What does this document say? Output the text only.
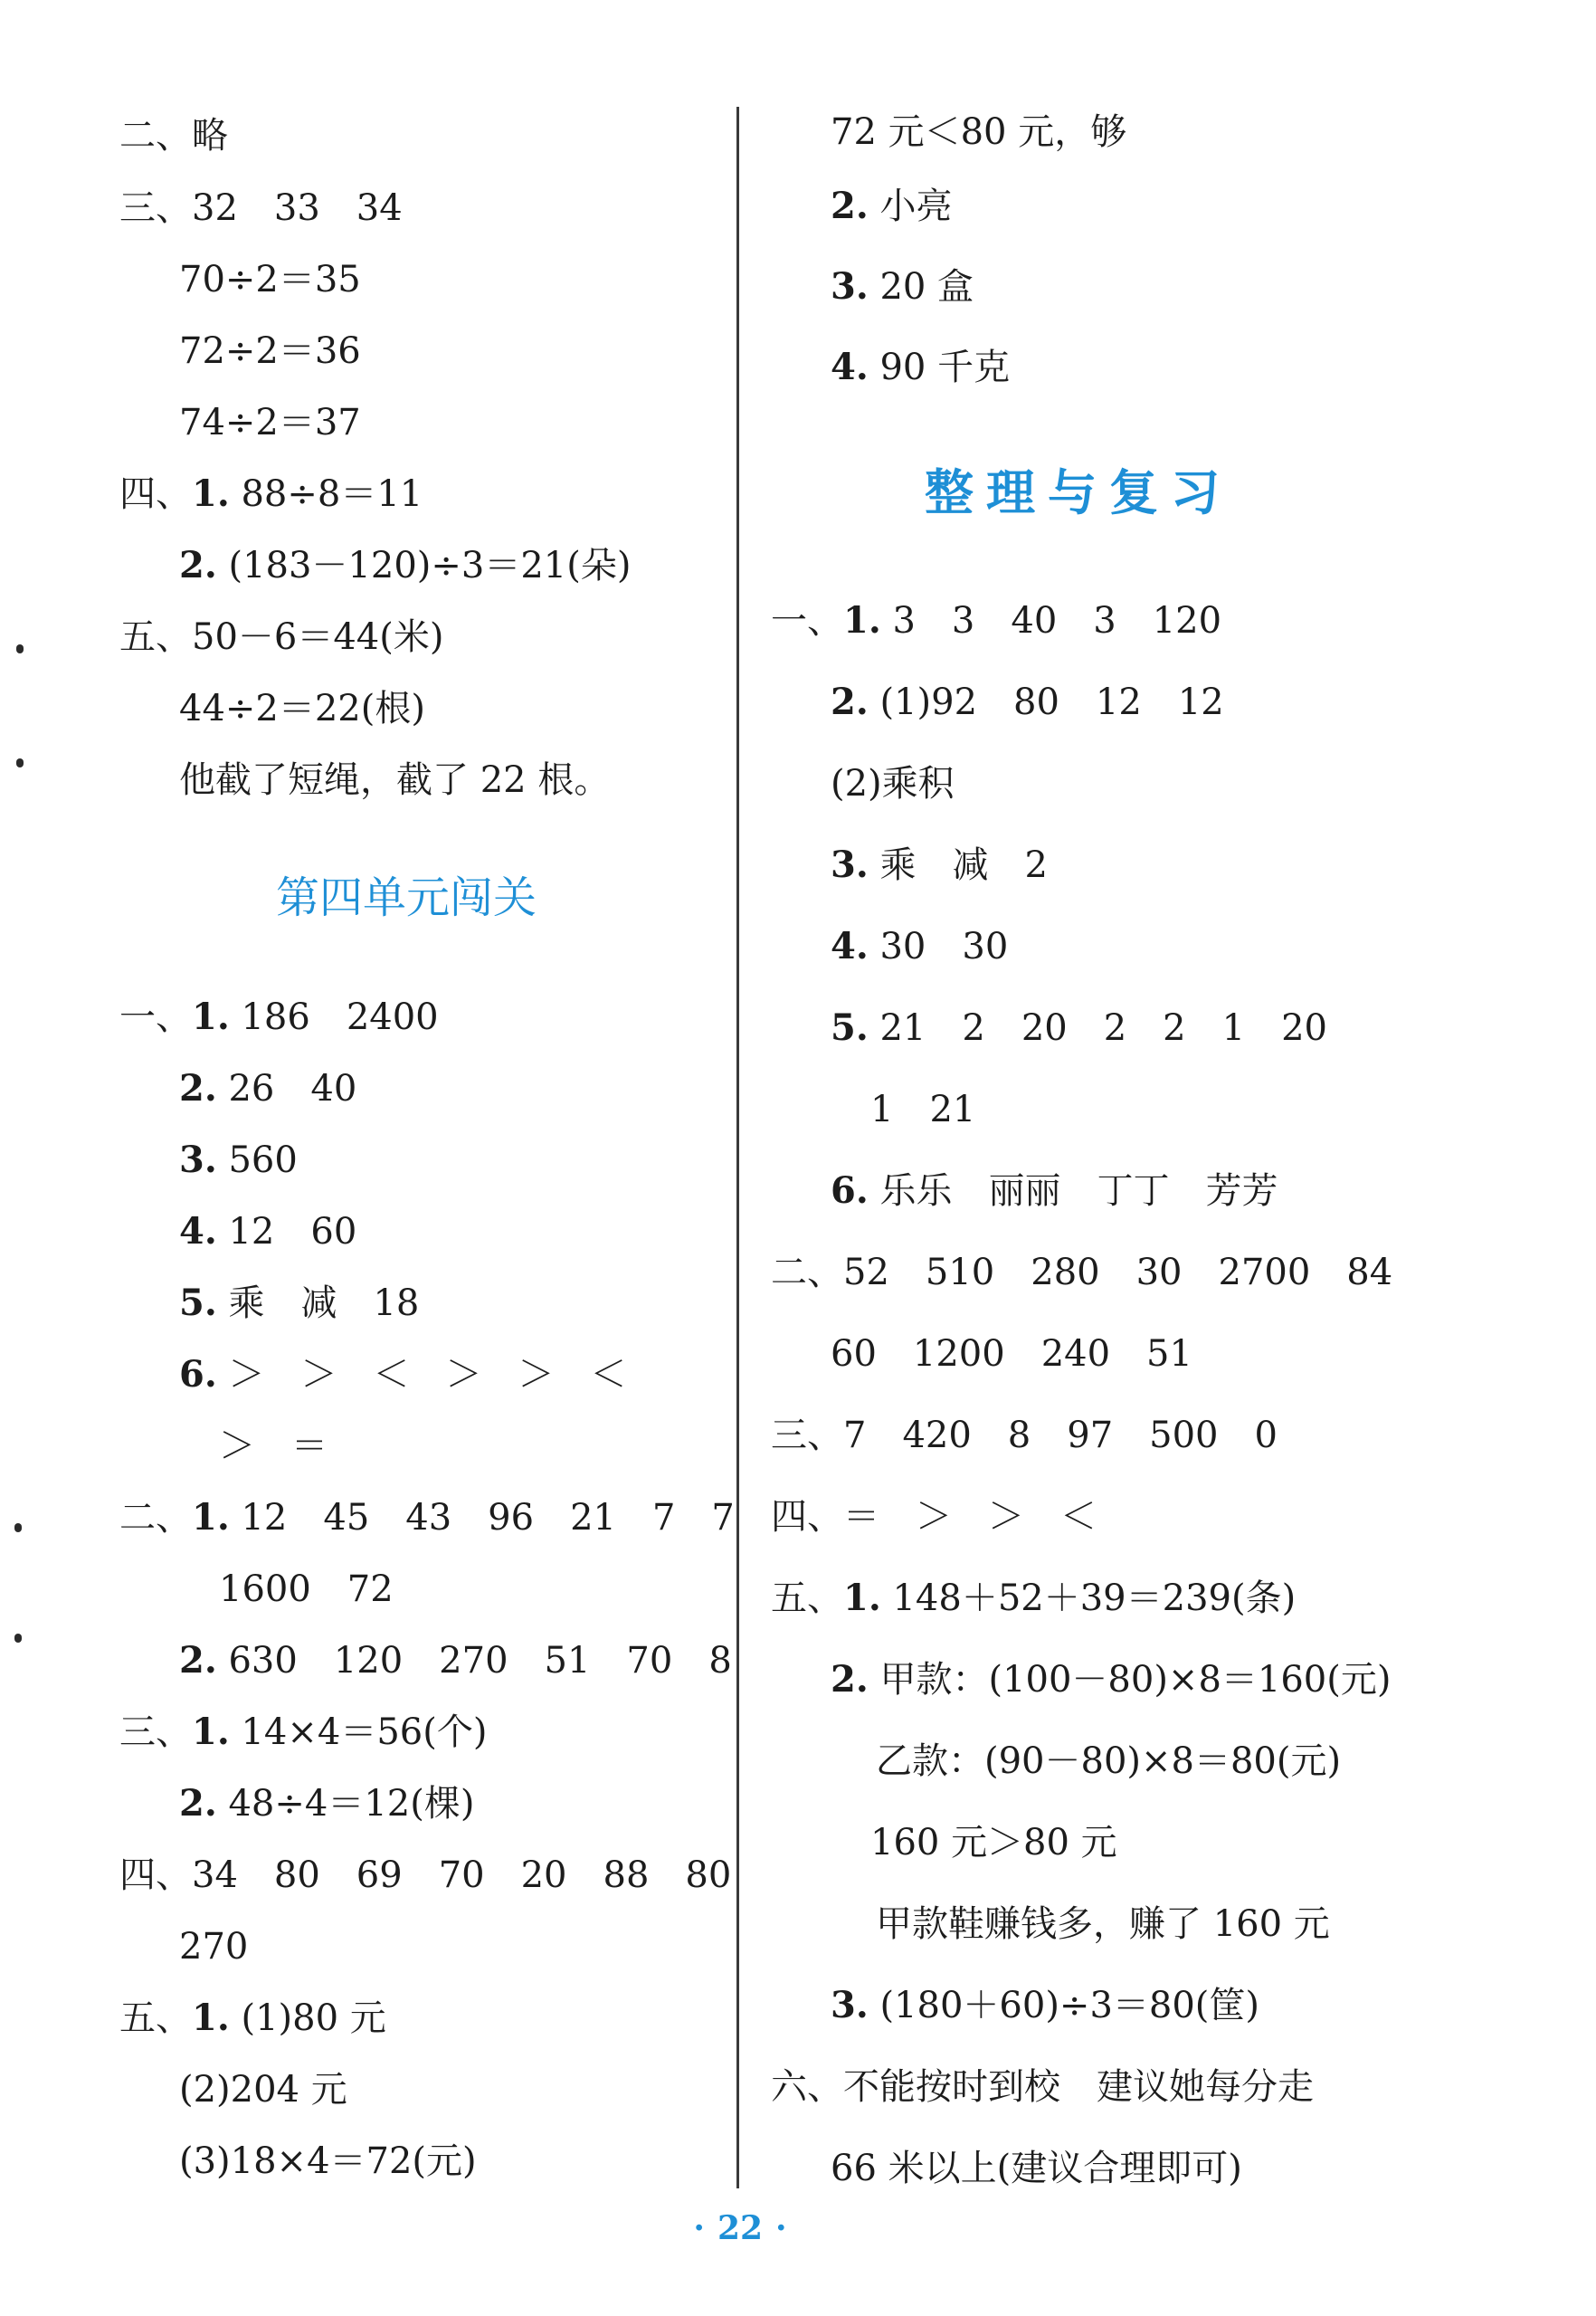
二、略
三、32　33　34
70÷2＝35
72÷2＝36
74÷2＝37
四、1. 88÷8＝11
2. (183－120)÷3＝21(朵)
五、50－6＝44(米)
44÷2＝22(根)
他截了短绳，截了 22 根。
第四单元闯关
一、1. 186　2400
2. 26　40
3. 560
4. 12　60
5. 乘　减　18
6. ＞　＞　＜　＞　＞　＜
＞　＝
二、1. 12　45　43　96　21　7　7
1600　72
2. 630　120　270　51　70　8
三、1. 14×4＝56(个)
2. 48÷4＝12(棵)
四、34　80　69　70　20　88　80
270
五、1. (1)80 元
(2)204 元
(3)18×4＝72(元)
72 元＜80 元，够
2. 小亮
3. 20 盒
4. 90 千克
整理与复习
一、1. 3　3　40　3　120
2. (1)92　80　12　12
(2)乘积
3. 乘　减　2
4. 30　30
5. 21　2　20　2　2　1　20
1　21
6. 乐乐　丽丽　丁丁　芳芳
二、52　510　280　30　2700　84
60　1200　240　51
三、7　420　8　97　500　0
四、＝　＞　＞　＜
五、1. 148＋52＋39＝239(条)
2. 甲款：(100－80)×8＝160(元)
乙款：(90－80)×8＝80(元)
160 元＞80 元
甲款鞋赚钱多，赚了 160 元
3. (180＋60)÷3＝80(筐)
六、不能按时到校　建议她每分走
66 米以上(建议合理即可)
· 22 ·
